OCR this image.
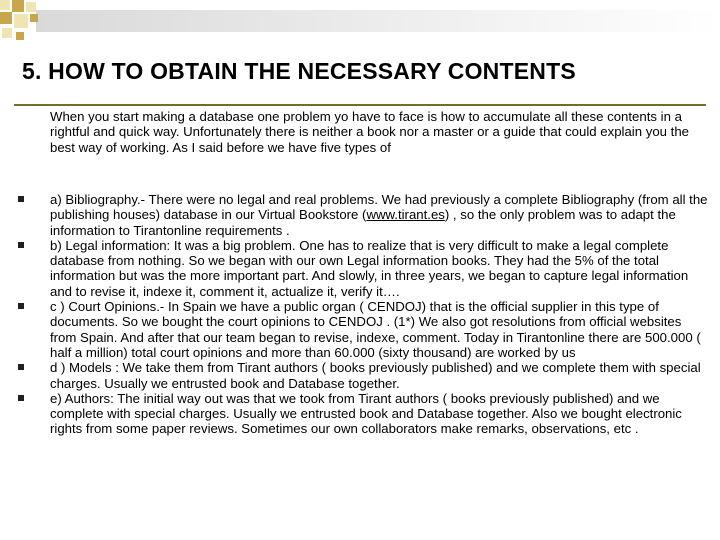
5. HOW TO OBTAIN THE NECESSARY CONTENTS
When you start making a database one problem yo have to face is how to accumulate all these contents in a rightful and quick way. Unfortunately there is neither a book nor a master or a guide that could explain you the best way of working. As I said before we have five types of
a) Bibliography.- There were no legal and real problems. We had previously a complete Bibliography (from all the publishing houses) database in our Virtual Bookstore (www.tirant.es) , so the only problem was to adapt the information to Tirantonline requirements .
b) Legal information: It was a big problem. One has to realize that is very difficult to make a legal complete database from nothing. So we began with our own Legal information books. They had the 5% of the total information but was the more important part. And slowly, in three years, we began to capture legal information and to revise it, indexe it, comment it, actualize it, verify it….
c ) Court Opinions.- In Spain we have a public organ ( CENDOJ) that is the official supplier in this type of documents. So we bought the court opinions to CENDOJ . (1*) We also got resolutions from official websites from Spain. And after that our team began to revise, indexe, comment. Today in Tirantonline there are 500.000 ( half a million) total court opinions and more than 60.000 (sixty thousand) are worked by us
d ) Models : We take them from Tirant authors ( books previously published) and we complete them with special charges. Usually we entrusted book and Database together.
e) Authors: The initial way out was that we took from Tirant authors ( books previously published) and we complete with special charges. Usually we entrusted book and Database together. Also we bought electronic rights from some paper reviews. Sometimes our own collaborators make remarks, observations, etc .
